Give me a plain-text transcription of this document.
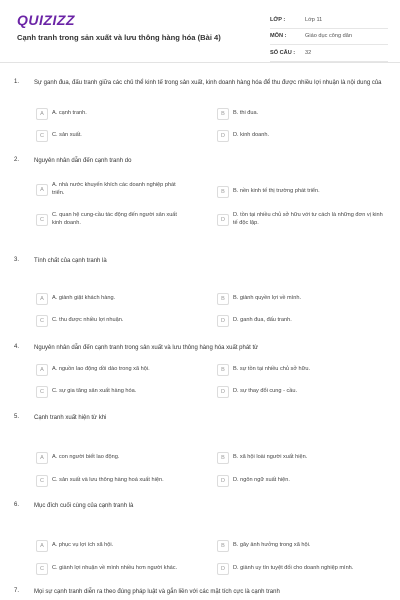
QUIZIZZ
Cạnh tranh trong sản xuất và lưu thông hàng hóa (Bài 4)
LỚP :	Lớp 11
MÔN :	Giáo dục công dân
SỐ CÂU :	32
1. Sự ganh đua, đấu tranh giữa các chủ thể kinh tế trong sản xuất, kinh doanh hàng hóa để thu được nhiều lợi nhuận là nội dung của
A	A. cạnh tranh.	B	B. thi đua.
C	C. sản xuất.	D	D. kinh doanh.
2. Nguyên nhân dẫn đến cạnh tranh do
A
A. nhà nước khuyến khích các doanh nghiệp phát triển.	B	B. nền kinh tế thị trường phát triển.
C
C. quan hệ cung-cầu tác động đến người sản xuất kinh doanh.	D
D. tồn tại nhiều chủ sở hữu với tư cách là những đơn vị kinh tế độc lập.
3. Tính chất của cạnh tranh là
A	A. giành giật khách hàng.	B	B. giành quyền lợi về mình.
C	C. thu được nhiều lợi nhuận.	D	D. ganh đua, đấu tranh.
4. Nguyên nhân dẫn đến cạnh tranh trong sản xuất và lưu thông hàng hóa xuất phát từ
A	A. nguồn lao động dồi dào trong xã hội.	B	B. sự tồn tại nhiều chủ sở hữu.
C	C. sự gia tăng sản xuất hàng hóa.	D	D. sự thay đổi cung - cầu.
5. Cạnh tranh xuất hiện từ khi
A	A. con người biết lao động.	B	B. xã hội loài người xuất hiện.
C	C. sản xuất và lưu thông hàng hoá xuất hiện.	D	D. ngôn ngữ xuất hiện.
6. Mục đích cuối cùng của cạnh tranh là
A	A. phục vụ lợi ích xã hội.	B	B. gây ảnh hưởng trong xã hội.
C	C. giành lợi nhuận về mình nhiều hơn người khác.	D	D. giành uy tín tuyệt đối cho doanh nghiệp mình.
7. Mọi sự cạnh tranh diễn ra theo đúng pháp luật và gắn liền với các mặt tích cực là cạnh tranh
